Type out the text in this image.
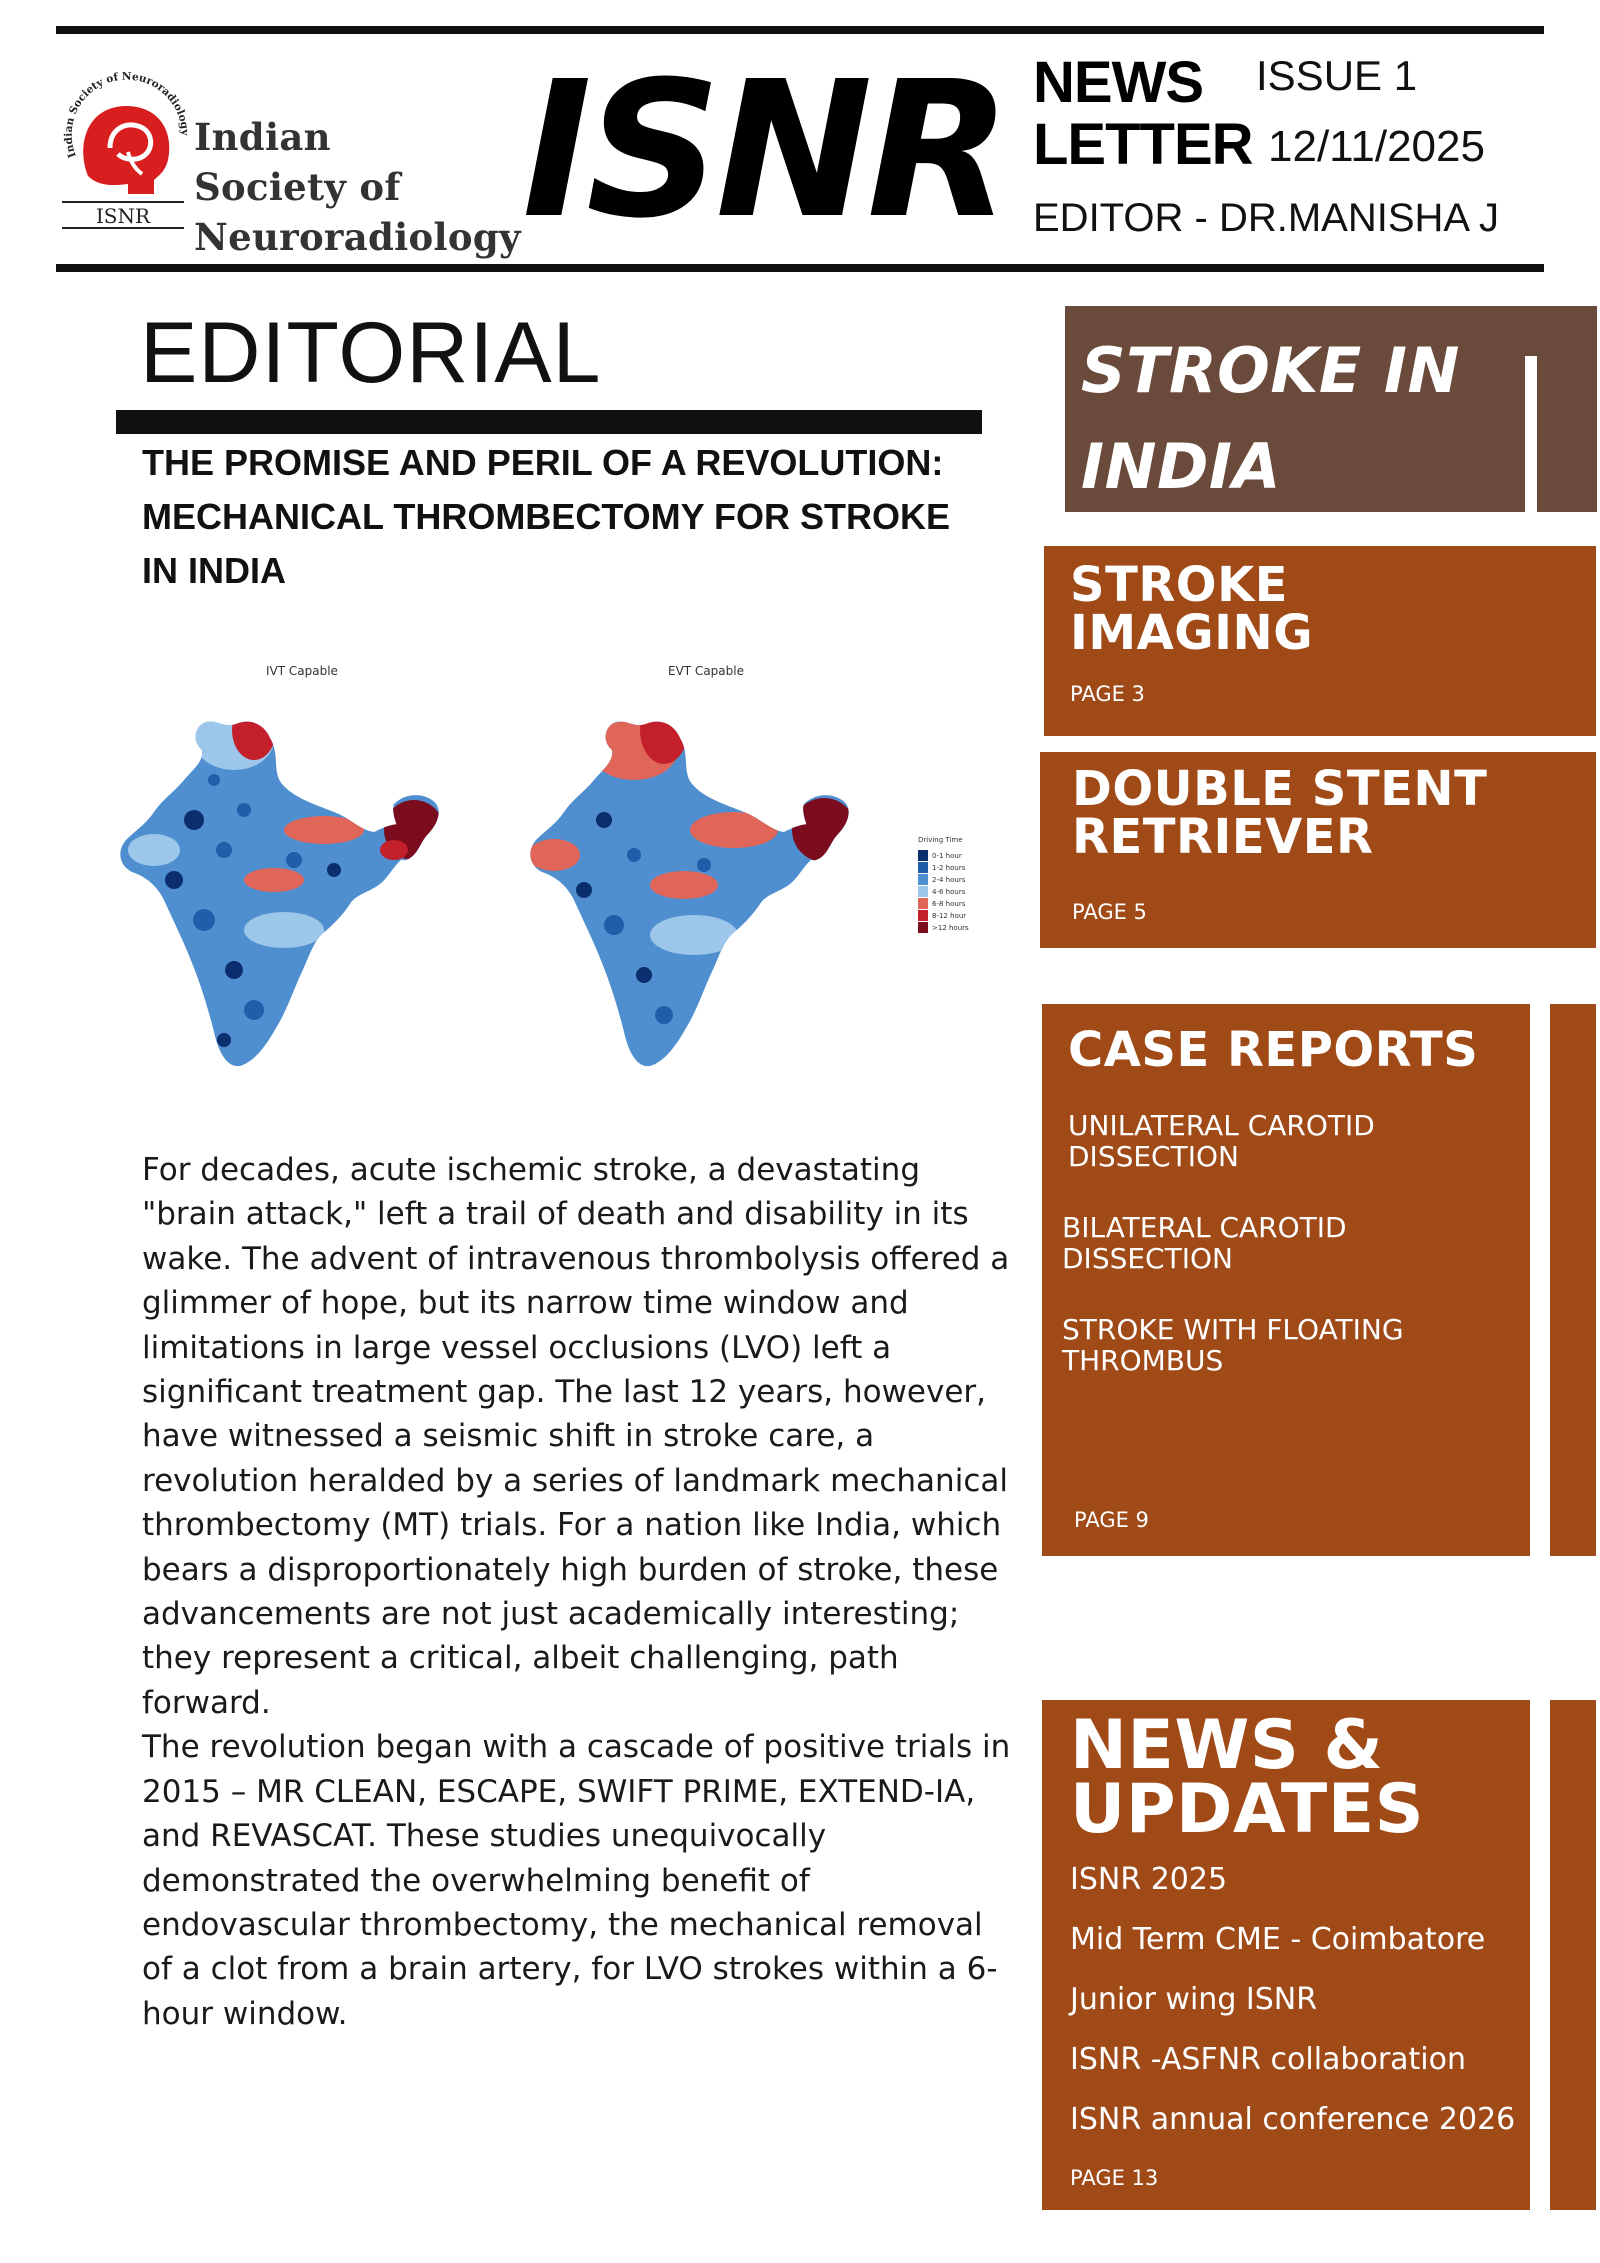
Indian Society of Neuroradiolo
ISNR
Indian Society of
Neuroradiology ISNR NEWS
LETTER
ISSUE 1
12/11/2025
EDITOR - DR.MANISHA J
EDITORIAL
THE PROMISE AND PERIL OF A REVOLUTION: MECHANICAL THROMBECTOMY FOR STROKE IN INDIA
IVT Capable	EVT Capable
Driving Time
0-1 hour
1-2 hours
2-4 hours
4-6 hours
6-8 hours
8-12 hour
>12 hours

For decades, acute ischemic stroke, a devastating "brain attack," left a trail of death and disability in its wake. The advent of intravenous thrombolysis offered a glimmer of hope, but its narrow time window and limitations in large vessel occlusions (LVO) left a significant treatment gap. The last 12 years, however, have witnessed a seismic shift in stroke care, a revolution heralded by a series of landmark mechanical thrombectomy (MT) trials. For a nation like India, which bears a disproportionately high burden of stroke, these advancements are not just academically interesting; they represent a critical, albeit challenging, path forward.

The revolution began with a cascade of positive trials in 2015 – MR CLEAN, ESCAPE, SWIFT PRIME, EXTEND-IA, and REVASCAT. These studies unequivocally demonstrated the overwhelming benefit of endovascular thrombectomy, the mechanical removal of a clot from a brain artery, for LVO strokes within a 6-hour window.

STROKE IN
INDIA
STROKE
IMAGING
PAGE 3
DOUBLE STENT
RETRIEVER
PAGE 5
CASE REPORTS
UNILATERAL CAROTID DISSECTION
BILATERAL CAROTID DISSECTION
STROKE WITH FLOATING THROMBUS
PAGE 9
NEWS &
UPDATES
ISNR 2025
Mid Term CME - Coimbatore
Junior wing ISNR
ISNR -ASFNR collaboration
ISNR annual conference 2026
PAGE 13
